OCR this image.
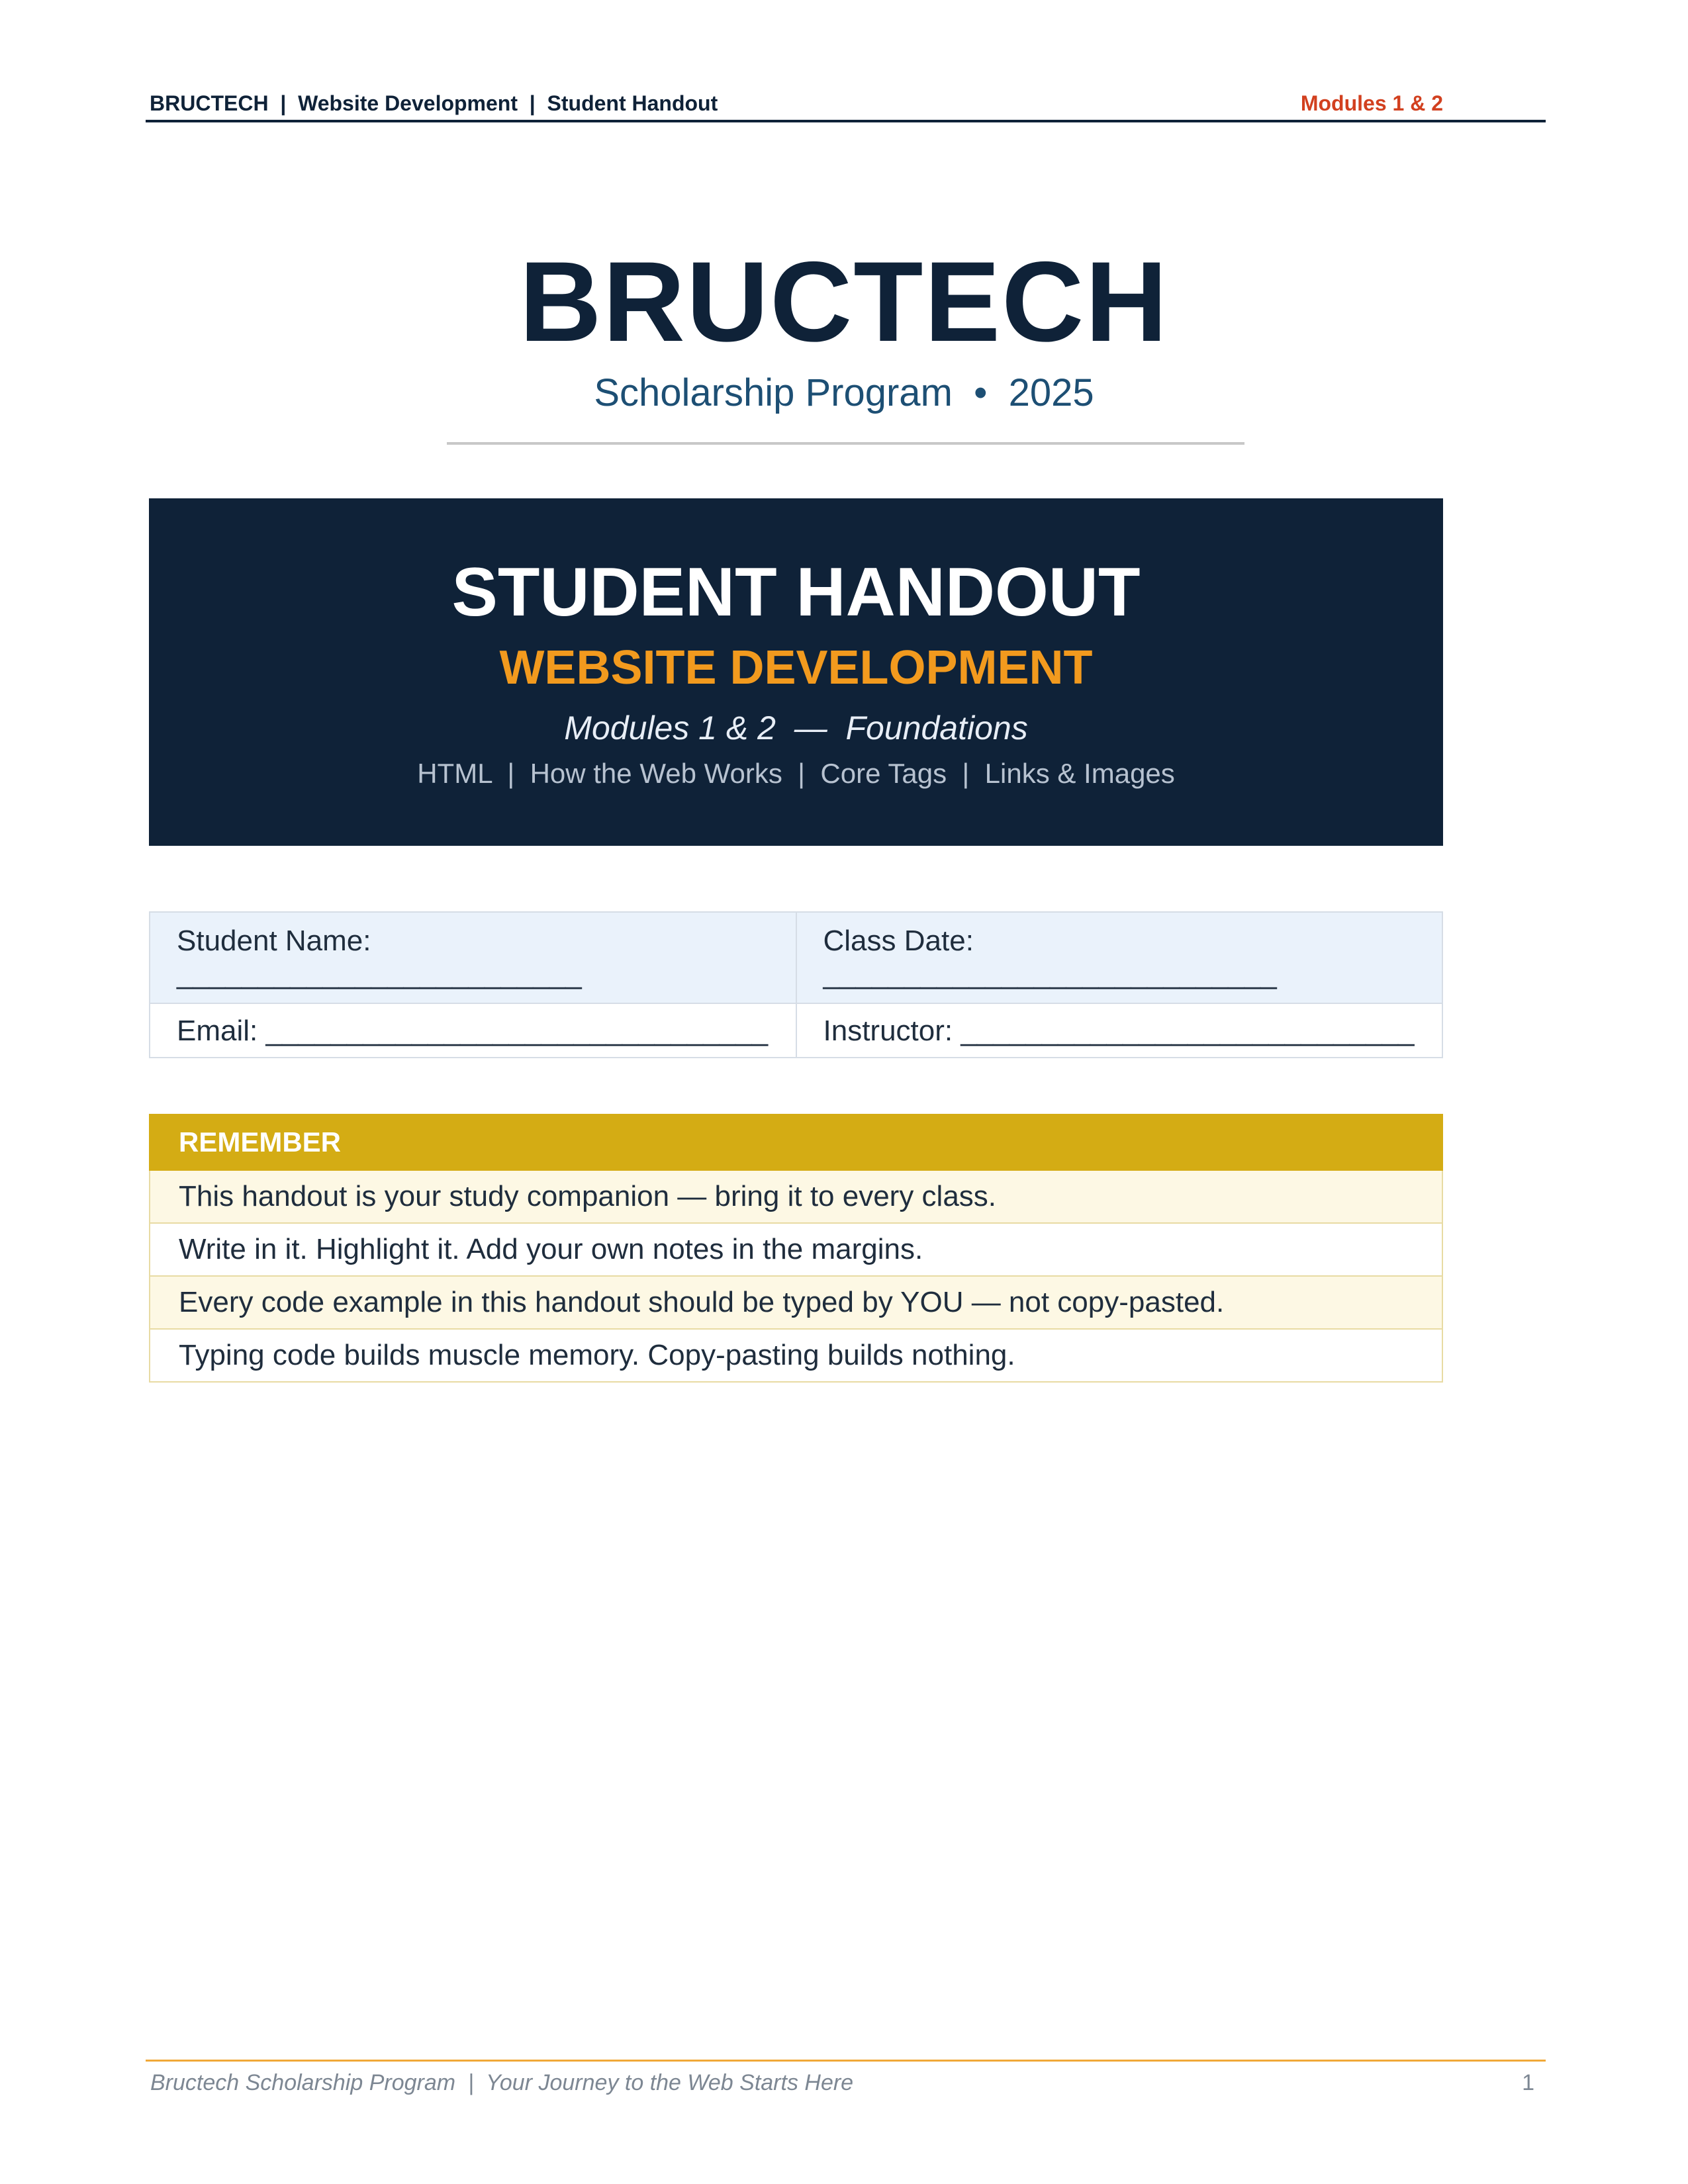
BRUCTECH  |  Website Development  |  Student Handout	Modules 1 & 2
BRUCTECH
Scholarship Program  •  2025
STUDENT HANDOUT
WEBSITE DEVELOPMENT
Modules 1 & 2  —  Foundations
HTML  |  How the Web Works  |  Core Tags  |  Links & Images
Student Name: _________________________	Class Date: ____________________________
Email: _______________________________	Instructor: ____________________________
REMEMBER
This handout is your study companion — bring it to every class.
Write in it. Highlight it. Add your own notes in the margins.
Every code example in this handout should be typed by YOU — not copy-pasted.
Typing code builds muscle memory. Copy-pasting builds nothing.
Bructech Scholarship Program  |  Your Journey to the Web Starts Here	1
